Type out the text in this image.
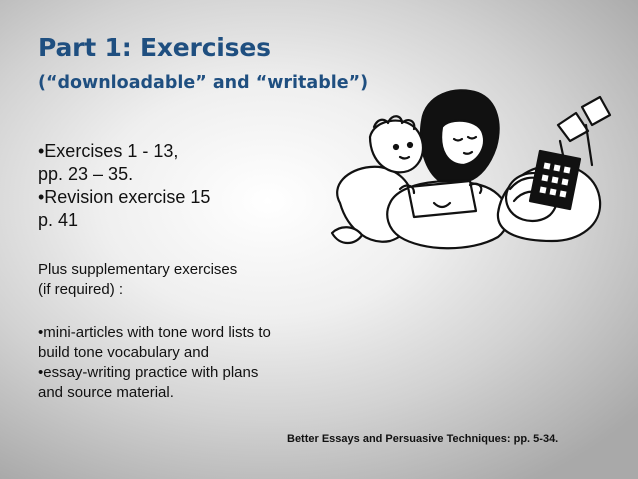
Part 1: Exercises
(“downloadable” and “writable”)
•Exercises 1 - 13,
pp. 23 – 35.
•Revision exercise 15
p. 41
Plus supplementary exercises
(if required) :
•mini-articles with tone word lists to
build tone vocabulary and
•essay-writing practice with plans
and source material.
Better Essays and Persuasive Techniques: pp. 5-34.
